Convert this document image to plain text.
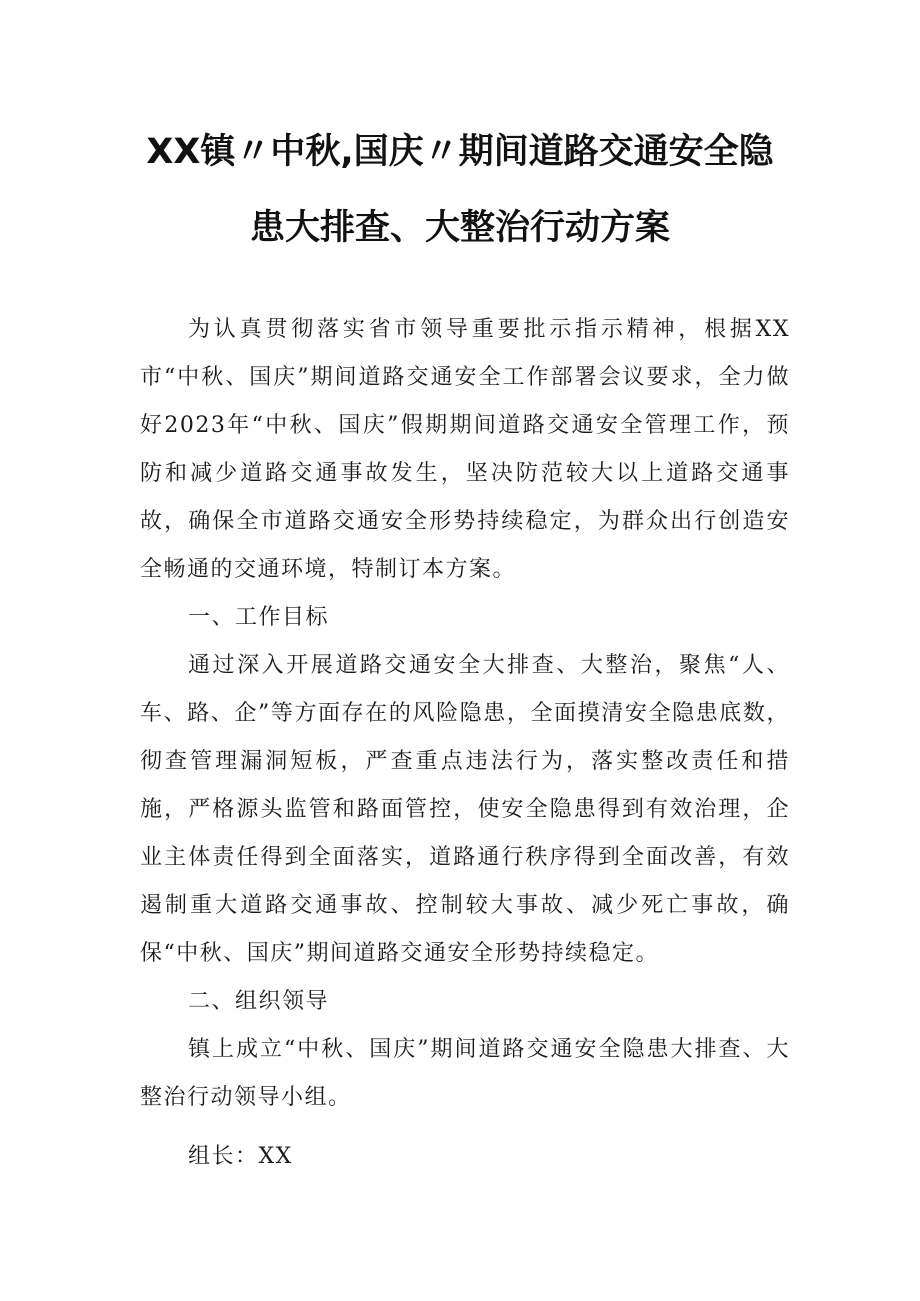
XX镇〃中秋,国庆〃期间道路交通安全隐
患大排查、大整治行动方案

为认真贯彻落实省市领导重要批示指示精神，根据XX市“中秋、国庆”期间道路交通安全工作部署会议要求，全力做好2023年“中秋、国庆”假期期间道路交通安全管理工作，预防和减少道路交通事故发生，坚决防范较大以上道路交通事故，确保全市道路交通安全形势持续稳定，为群众出行创造安全畅通的交通环境，特制订本方案。

一、工作目标

通过深入开展道路交通安全大排查、大整治，聚焦“人、车、路、企”等方面存在的风险隐患，全面摸清安全隐患底数，彻查管理漏洞短板，严查重点违法行为，落实整改责任和措施，严格源头监管和路面管控，使安全隐患得到有效治理，企业主体责任得到全面落实，道路通行秩序得到全面改善，有效遏制重大道路交通事故、控制较大事故、减少死亡事故，确保“中秋、国庆”期间道路交通安全形势持续稳定。

二、组织领导

镇上成立“中秋、国庆”期间道路交通安全隐患大排查、大整治行动领导小组。

组长：XX
